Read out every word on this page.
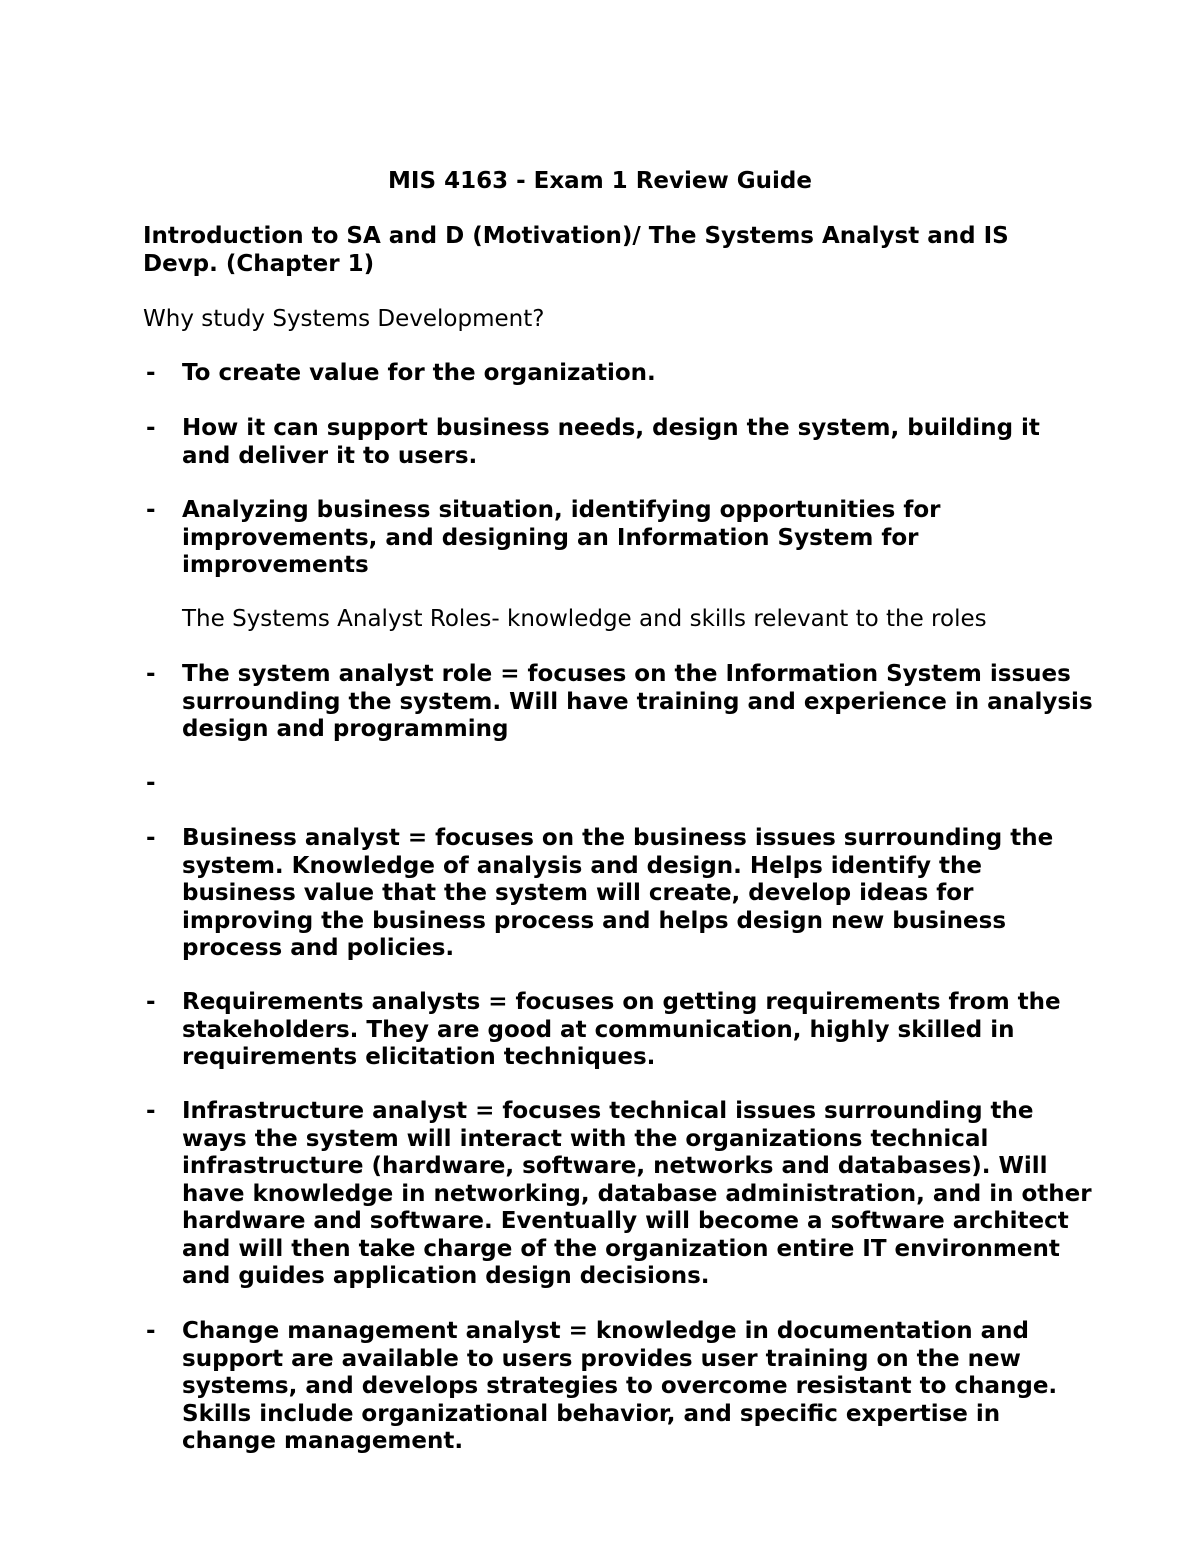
MIS 4163 - Exam 1 Review Guide
Introduction to SA and D (Motivation)/ The Systems Analyst and IS Devp. (Chapter 1)

Why study Systems Development?

- To create value for the organization.
- How it can support business needs, design the system, building it and deliver it to users.
- Analyzing business situation, identifying opportunities for improvements, and designing an Information System for improvements

The Systems Analyst Roles- knowledge and skills relevant to the roles

- The system analyst role = focuses on the Information System issues surrounding the system. Will have training and experience in analysis design and programming
-
- Business analyst = focuses on the business issues surrounding the system. Knowledge of analysis and design. Helps identify the business value that the system will create, develop ideas for improving the business process and helps design new business process and policies.
- Requirements analysts = focuses on getting requirements from the stakeholders. They are good at communication, highly skilled in requirements elicitation techniques.
- Infrastructure analyst = focuses technical issues surrounding the ways the system will interact with the organizations technical infrastructure (hardware, software, networks and databases). Will have knowledge in networking, database administration, and in other hardware and software. Eventually will become a software architect and will then take charge of the organization entire IT environment and guides application design decisions.
- Change management analyst = knowledge in documentation and support are available to users provides user training on the new systems, and develops strategies to overcome resistant to change. Skills include organizational behavior, and specific expertise in change management.
